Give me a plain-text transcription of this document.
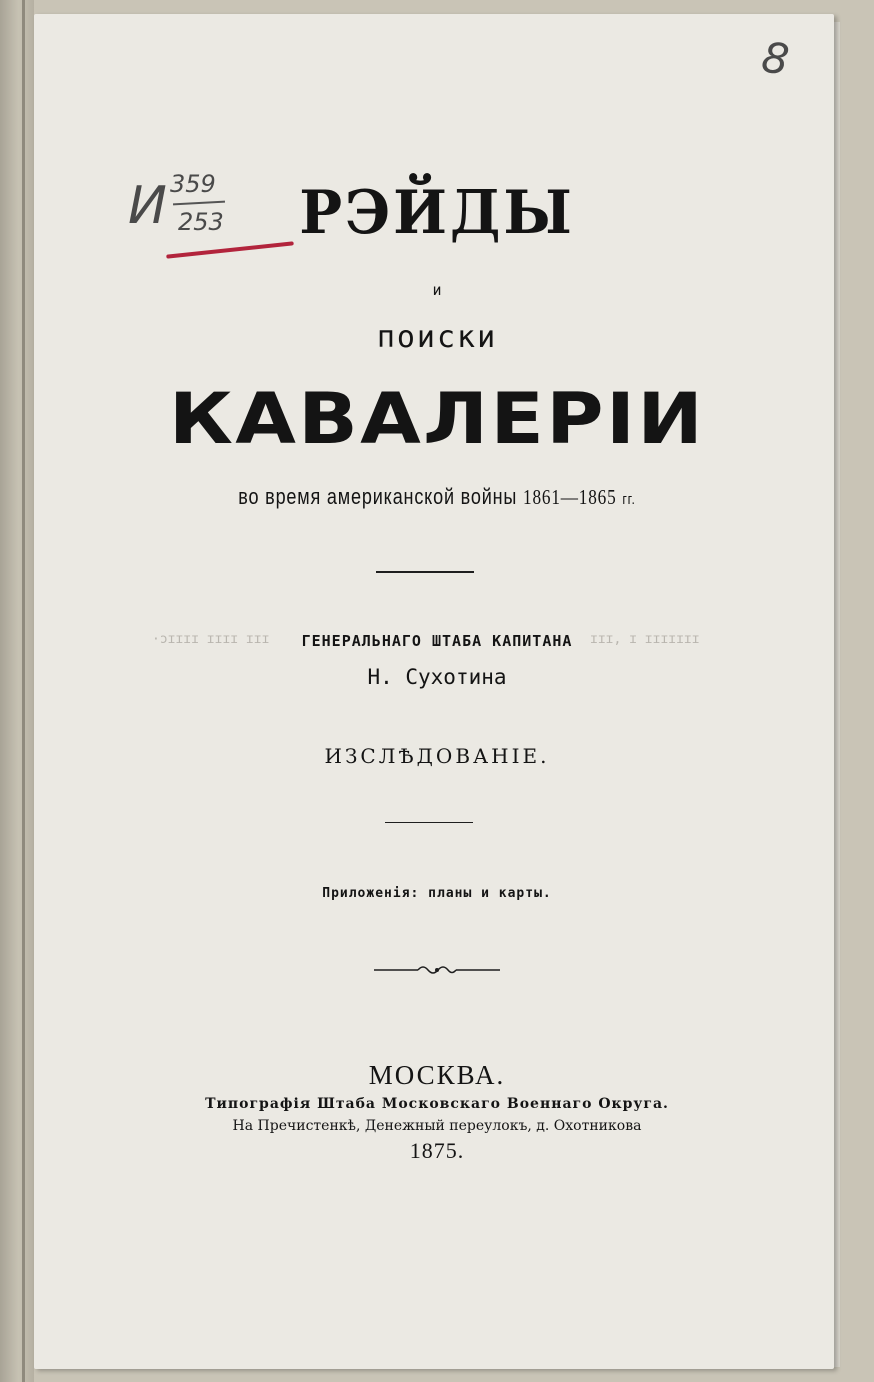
И 359
253
8
·ɔɪɪɪɪ ɪɪɪɪ ɪɪɪ	ɪɪɪ, ɪ ɪɪɪɪɪɪɪ
РЭЙДЫ
и
поиски
КАВАЛЕРІИ
во время американской войны 1861—1865 гг.
ГЕНЕРАЛЬНАГО ШТАБА КАПИТАНА
Н. Сухотина
ИЗСЛѢДОВАНІЕ.
Приложенія: планы и карты.
МОСКВА.
Типографія Штаба Московскаго Военнаго Округа.
На Пречистенкѣ, Денежный переулокъ, д. Охотникова
1875.
